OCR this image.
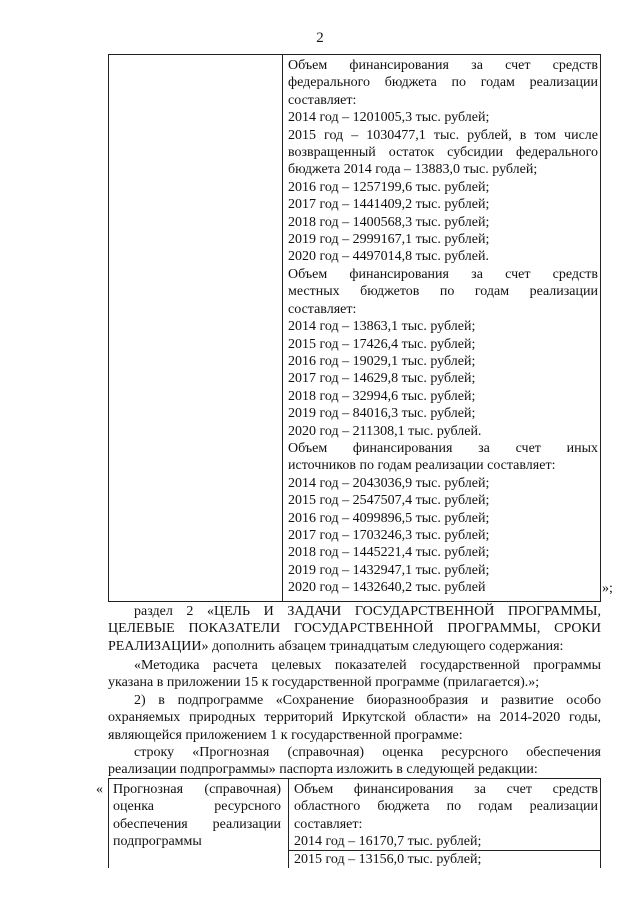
2
Объем финансирования за счет средств
федерального бюджета по годам реализации
составляет:
2014 год – 1201005,3 тыс. рублей;
2015 год – 1030477,1 тыс. рублей, в том числе
возвращенный остаток субсидии федерального
бюджета 2014 года – 13883,0 тыс. рублей;
2016 год – 1257199,6 тыс. рублей;
2017 год – 1441409,2 тыс. рублей;
2018 год – 1400568,3 тыс. рублей;
2019 год – 2999167,1 тыс. рублей;
2020 год – 4497014,8 тыс. рублей.
Объем финансирования за счет средств
местных бюджетов по годам реализации
составляет:
2014 год – 13863,1 тыс. рублей;
2015 год – 17426,4 тыс. рублей;
2016 год – 19029,1 тыс. рублей;
2017 год – 14629,8 тыс. рублей;
2018 год – 32994,6 тыс. рублей;
2019 год – 84016,3 тыс. рублей;
2020 год – 211308,1 тыс. рублей.
Объем финансирования за счет иных
источников по годам реализации составляет:
2014 год – 2043036,9 тыс. рублей;
2015 год – 2547507,4 тыс. рублей;
2016 год – 4099896,5 тыс. рублей;
2017 год – 1703246,3 тыс. рублей;
2018 год – 1445221,4 тыс. рублей;
2019 год – 1432947,1 тыс. рублей;
2020 год – 1432640,2 тыс. рублей	»;
раздел 2 «ЦЕЛЬ И ЗАДАЧИ ГОСУДАРСТВЕННОЙ ПРОГРАММЫ,
ЦЕЛЕВЫЕ ПОКАЗАТЕЛИ ГОСУДАРСТВЕННОЙ ПРОГРАММЫ, СРОКИ
РЕАЛИЗАЦИИ» дополнить абзацем тринадцатым следующего содержания:
«Методика расчета целевых показателей государственной программы
указана в приложении 15 к государственной программе (прилагается).»;
2) в подпрограмме «Сохранение биоразнообразия и развитие особо
охраняемых природных территорий Иркутской области» на 2014-2020 годы,
являющейся приложением 1 к государственной программе:
строку «Прогнозная (справочная) оценка ресурсного обеспечения
реализации подпрограммы» паспорта изложить в следующей редакции:
« Прогнозная (справочная)
оценка ресурсного
обеспечения реализации
подпрограммы
Объем финансирования за счет средств
областного бюджета по годам реализации
составляет:
2014 год – 16170,7 тыс. рублей;
2015 год – 13156,0 тыс. рублей;
